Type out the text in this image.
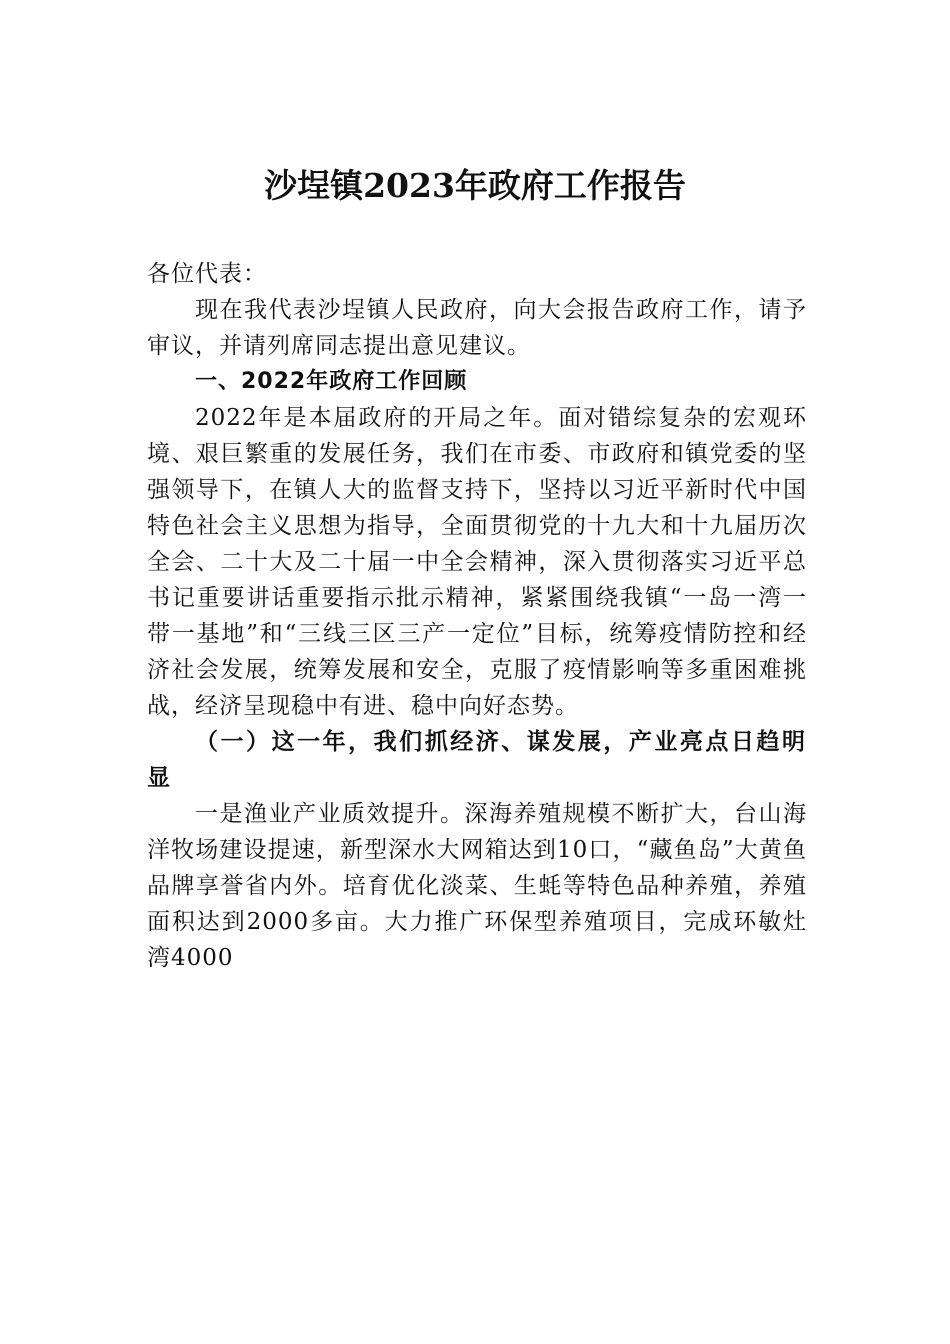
沙埕镇2023年政府工作报告

各位代表：

现在我代表沙埕镇人民政府，向大会报告政府工作，请予审议，并请列席同志提出意见建议。

一、2022年政府工作回顾

2022年是本届政府的开局之年。面对错综复杂的宏观环境、艰巨繁重的发展任务，我们在市委、市政府和镇党委的坚强领导下，在镇人大的监督支持下，坚持以习近平新时代中国特色社会主义思想为指导，全面贯彻党的十九大和十九届历次全会、二十大及二十届一中全会精神，深入贯彻落实习近平总书记重要讲话重要指示批示精神，紧紧围绕我镇“一岛一湾一带一基地”和“三线三区三产一定位”目标，统筹疫情防控和经济社会发展，统筹发展和安全，克服了疫情影响等多重困难挑战，经济呈现稳中有进、稳中向好态势。

（一）这一年，我们抓经济、谋发展，产业亮点日趋明显

一是渔业产业质效提升。深海养殖规模不断扩大，台山海洋牧场建设提速，新型深水大网箱达到10口，“藏鱼岛”大黄鱼品牌享誉省内外。培育优化淡菜、生蚝等特色品种养殖，养殖面积达到2000多亩。大力推广环保型养殖项目，完成环敏灶湾4000
